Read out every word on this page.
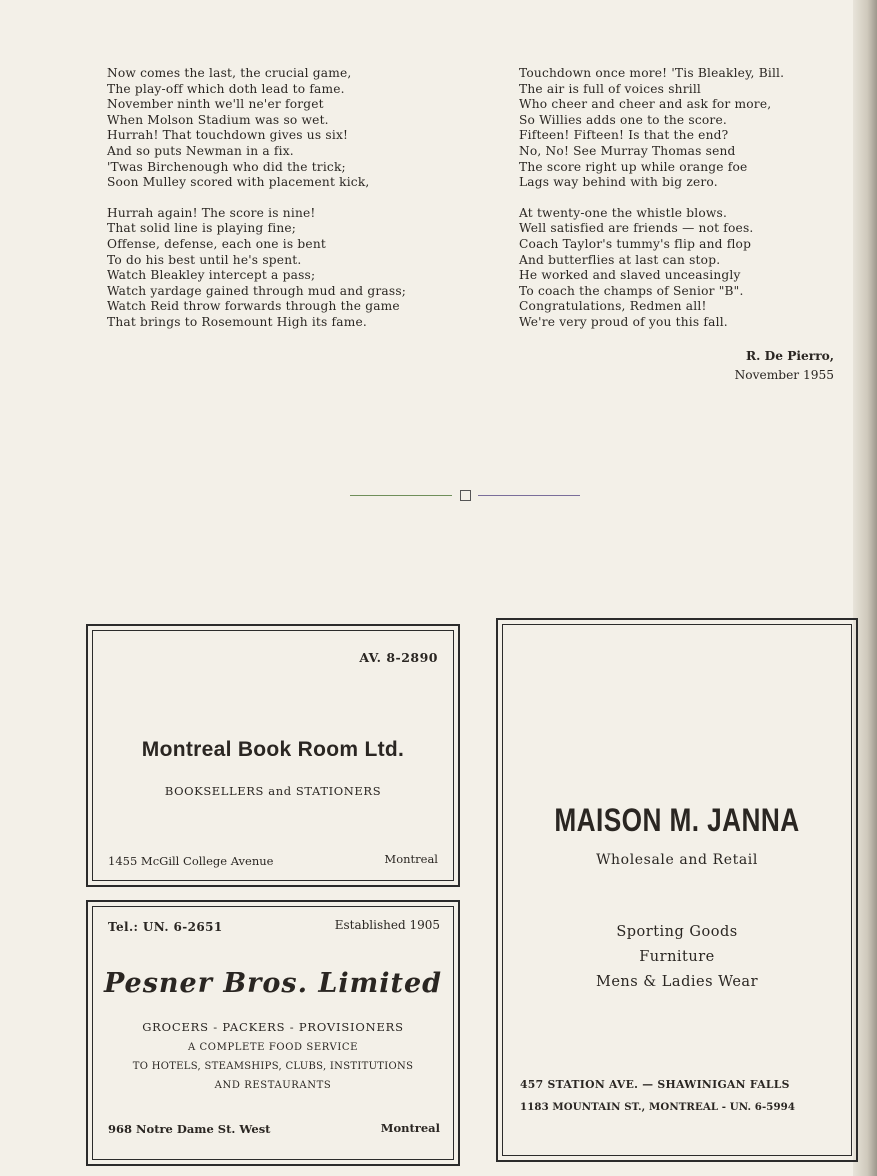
Now comes the last, the crucial game,
The play-off which doth lead to fame.
November ninth we'll ne'er forget
When Molson Stadium was so wet.
Hurrah! That touchdown gives us six!
And so puts Newman in a fix.
'Twas Birchenough who did the trick;
Soon Mulley scored with placement kick,
Hurrah again! The score is nine!
That solid line is playing fine;
Offense, defense, each one is bent
To do his best until he's spent.
Watch Bleakley intercept a pass;
Watch yardage gained through mud and grass;
Watch Reid throw forwards through the game
That brings to Rosemount High its fame.
Touchdown once more! 'Tis Bleakley, Bill.
The air is full of voices shrill
Who cheer and cheer and ask for more,
So Willies adds one to the score.
Fifteen! Fifteen! Is that the end?
No, No! See Murray Thomas send
The score right up while orange foe
Lags way behind with big zero.
At twenty-one the whistle blows.
Well satisfied are friends — not foes.
Coach Taylor's tummy's flip and flop
And butterflies at last can stop.
He worked and slaved unceasingly
To coach the champs of Senior "B".
Congratulations, Redmen all!
We're very proud of you this fall.
R. De Pierro,
November 1955
AV. 8-2890
Montreal Book Room Ltd.
BOOKSELLERS and STATIONERS
1455 McGill College Avenue	Montreal
Tel.: UN. 6-2651	Established 1905
Pesner Bros. Limited
GROCERS - PACKERS - PROVISIONERS
A COMPLETE FOOD SERVICE
TO HOTELS, STEAMSHIPS, CLUBS, INSTITUTIONS
AND RESTAURANTS
968 Notre Dame St. West	Montreal
MAISON M. JANNA
Wholesale and Retail
Sporting Goods
Furniture
Mens & Ladies Wear
457 STATION AVE. — SHAWINIGAN FALLS
1183 MOUNTAIN ST., MONTREAL - UN. 6-5994
